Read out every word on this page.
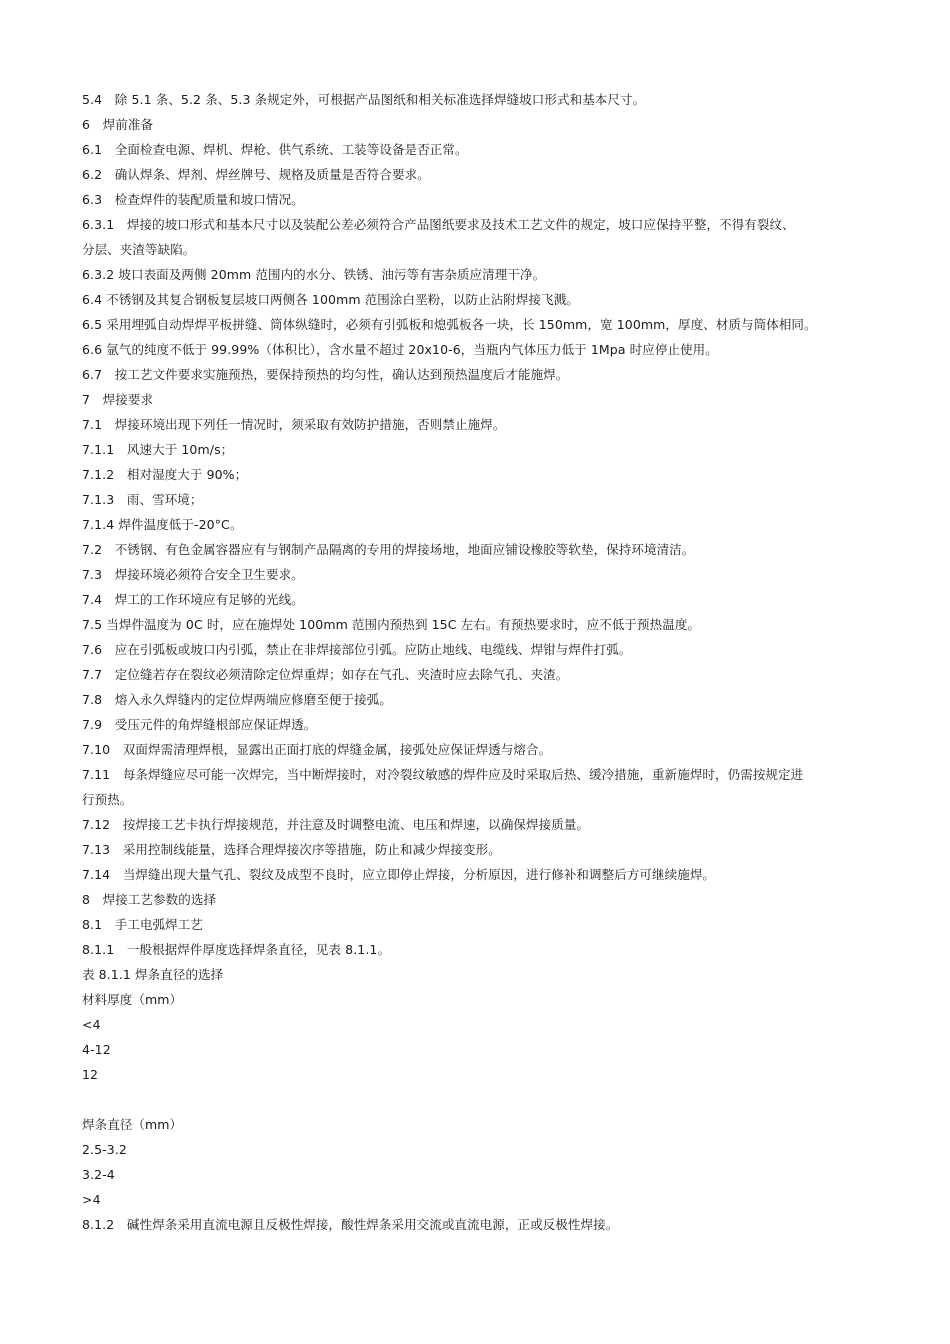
5.4　除 5.1 条、5.2 条、5.3 条规定外，可根据产品图纸和相关标准选择焊缝坡口形式和基本尺寸。
6　焊前准备
6.1　全面检查电源、焊机、焊枪、供气系统、工装等设备是否正常。
6.2　确认焊条、焊剂、焊丝牌号、规格及质量是否符合要求。
6.3　检查焊件的装配质量和坡口情况。
6.3.1　焊接的坡口形式和基本尺寸以及装配公差必须符合产品图纸要求及技术工艺文件的规定，坡口应保持平整，不得有裂纹、
分层、夹渣等缺陷。
6.3.2 坡口表面及两侧 20mm 范围内的水分、铁锈、油污等有害杂质应清理干净。
6.4 不锈钢及其复合钢板复层坡口两侧各 100mm 范围涂白垩粉，以防止沾附焊接飞溅。
6.5 采用埋弧自动焊焊平板拼缝、筒体纵缝时，必须有引弧板和熄弧板各一块，长 150mm，宽 100mm，厚度、材质与筒体相同。
6.6 氩气的纯度不低于 99.99%（体积比），含水量不超过 20x10-6，当瓶内气体压力低于 1Mpa 时应停止使用。
6.7　按工艺文件要求实施预热，要保持预热的均匀性，确认达到预热温度后才能施焊。
7　焊接要求
7.1　焊接环境出现下列任一情况时，须采取有效防护措施，否则禁止施焊。
7.1.1　风速大于 10m/s；
7.1.2　相对湿度大于 90%；
7.1.3　雨、雪环境；
7.1.4 焊件温度低于-20°C。
7.2　不锈钢、有色金属容器应有与钢制产品隔离的专用的焊接场地，地面应铺设橡胶等软垫，保持环境清洁。
7.3　焊接环境必须符合安全卫生要求。
7.4　焊工的工作环境应有足够的光线。
7.5 当焊件温度为 0C 时，应在施焊处 100mm 范围内预热到 15C 左右。有预热要求时，应不低于预热温度。
7.6　应在引弧板或坡口内引弧，禁止在非焊接部位引弧。应防止地线、电缆线、焊钳与焊件打弧。
7.7　定位缝若存在裂纹必须清除定位焊重焊；如存在气孔、夹渣时应去除气孔、夹渣。
7.8　熔入永久焊缝内的定位焊两端应修磨至便于接弧。
7.9　受压元件的角焊缝根部应保证焊透。
7.10　双面焊需清理焊根，显露出正面打底的焊缝金属，接弧处应保证焊透与熔合。
7.11　每条焊缝应尽可能一次焊完，当中断焊接时，对冷裂纹敏感的焊件应及时采取后热、缓冷措施，重新施焊时，仍需按规定进
行预热。
7.12　按焊接工艺卡执行焊接规范，并注意及时调整电流、电压和焊速，以确保焊接质量。
7.13　采用控制线能量，选择合理焊接次序等措施，防止和减少焊接变形。
7.14　当焊缝出现大量气孔、裂纹及成型不良时，应立即停止焊接，分析原因，进行修补和调整后方可继续施焊。
8　焊接工艺参数的选择
8.1　手工电弧焊工艺
8.1.1　一般根据焊件厚度选择焊条直径，见表 8.1.1。
表 8.1.1 焊条直径的选择
材料厚度（mm）
<4
4-12
12
焊条直径（mm）
2.5-3.2
3.2-4
>4
8.1.2　碱性焊条采用直流电源且反极性焊接，酸性焊条采用交流或直流电源，正或反极性焊接。
